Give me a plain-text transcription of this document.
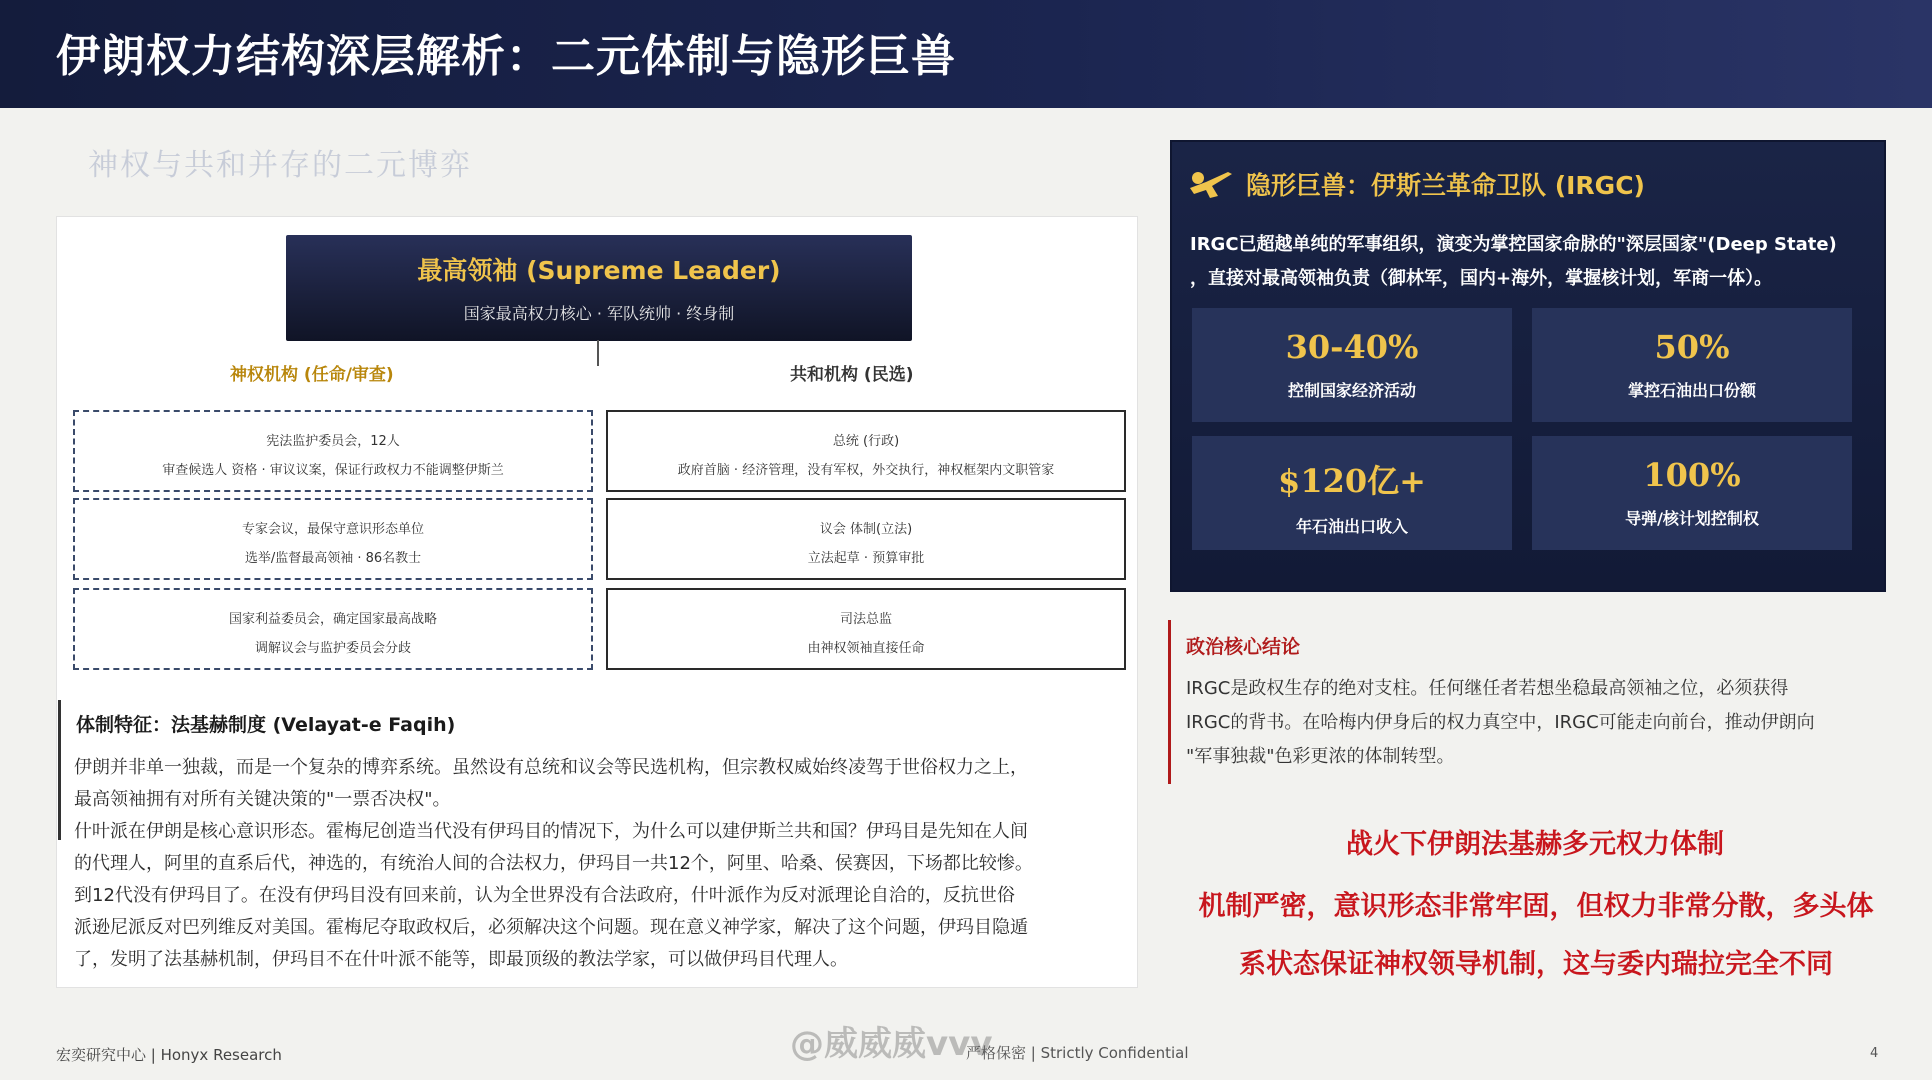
伊朗权力结构深层解析：二元体制与隐形巨兽
神权与共和并存的二元博弈
最高领袖 (Supreme Leader)
国家最高权力核心 · 军队统帅 · 终身制
神权机构 (任命/审查)	共和机构 (民选)
宪法监护委员会，12人
审查候选人 资格 · 审议议案，保证行政权力不能调整伊斯兰
专家会议，最保守意识形态单位
选举/监督最高领袖 · 86名教士
国家利益委员会，确定国家最高战略
调解议会与监护委员会分歧
总统 (行政)
政府首脑 · 经济管理，没有军权，外交执行，神权框架内文职管家
议会 体制(立法)
立法起草 · 预算审批
司法总监
由神权领袖直接任命
体制特征：法基赫制度 (Velayat-e Faqih)
伊朗并非单一独裁，而是一个复杂的博弈系统。虽然设有总统和议会等民选机构，但宗教权威始终凌驾于世俗权力之上，
最高领袖拥有对所有关键决策的"一票否决权"。
什叶派在伊朗是核心意识形态。霍梅尼创造当代没有伊玛目的情况下，为什么可以建伊斯兰共和国？伊玛目是先知在人间
的代理人，阿里的直系后代，神选的，有统治人间的合法权力，伊玛目一共12个，阿里、哈桑、侯赛因，下场都比较惨。
到12代没有伊玛目了。在没有伊玛目没有回来前，认为全世界没有合法政府，什叶派作为反对派理论自洽的，反抗世俗
派逊尼派反对巴列维反对美国。霍梅尼夺取政权后，必须解决这个问题。现在意义神学家，解决了这个问题，伊玛目隐遁
了，发明了法基赫机制，伊玛目不在什叶派不能等，即最顶级的教法学家，可以做伊玛目代理人。
隐形巨兽：伊斯兰革命卫队 (IRGC)
IRGC已超越单纯的军事组织，演变为掌控国家命脉的"深层国家"(Deep State)
，直接对最高领袖负责（御林军，国内+海外，掌握核计划，军商一体）。
30-40%
控制国家经济活动
50%
掌控石油出口份额
$120亿+
年石油出口收入
100%
导弹/核计划控制权
政治核心结论
IRGC是政权生存的绝对支柱。任何继任者若想坐稳最高领袖之位，必须获得
IRGC的背书。在哈梅内伊身后的权力真空中，IRGC可能走向前台，推动伊朗向
"军事独裁"色彩更浓的体制转型。
战火下伊朗法基赫多元权力体制
机制严密，意识形态非常牢固，但权力非常分散，多头体
系状态保证神权领导机制，这与委内瑞拉完全不同
宏奕研究中心 | Honyx Research	@威威威vvv
严格保密 | Strictly Confidential	4
